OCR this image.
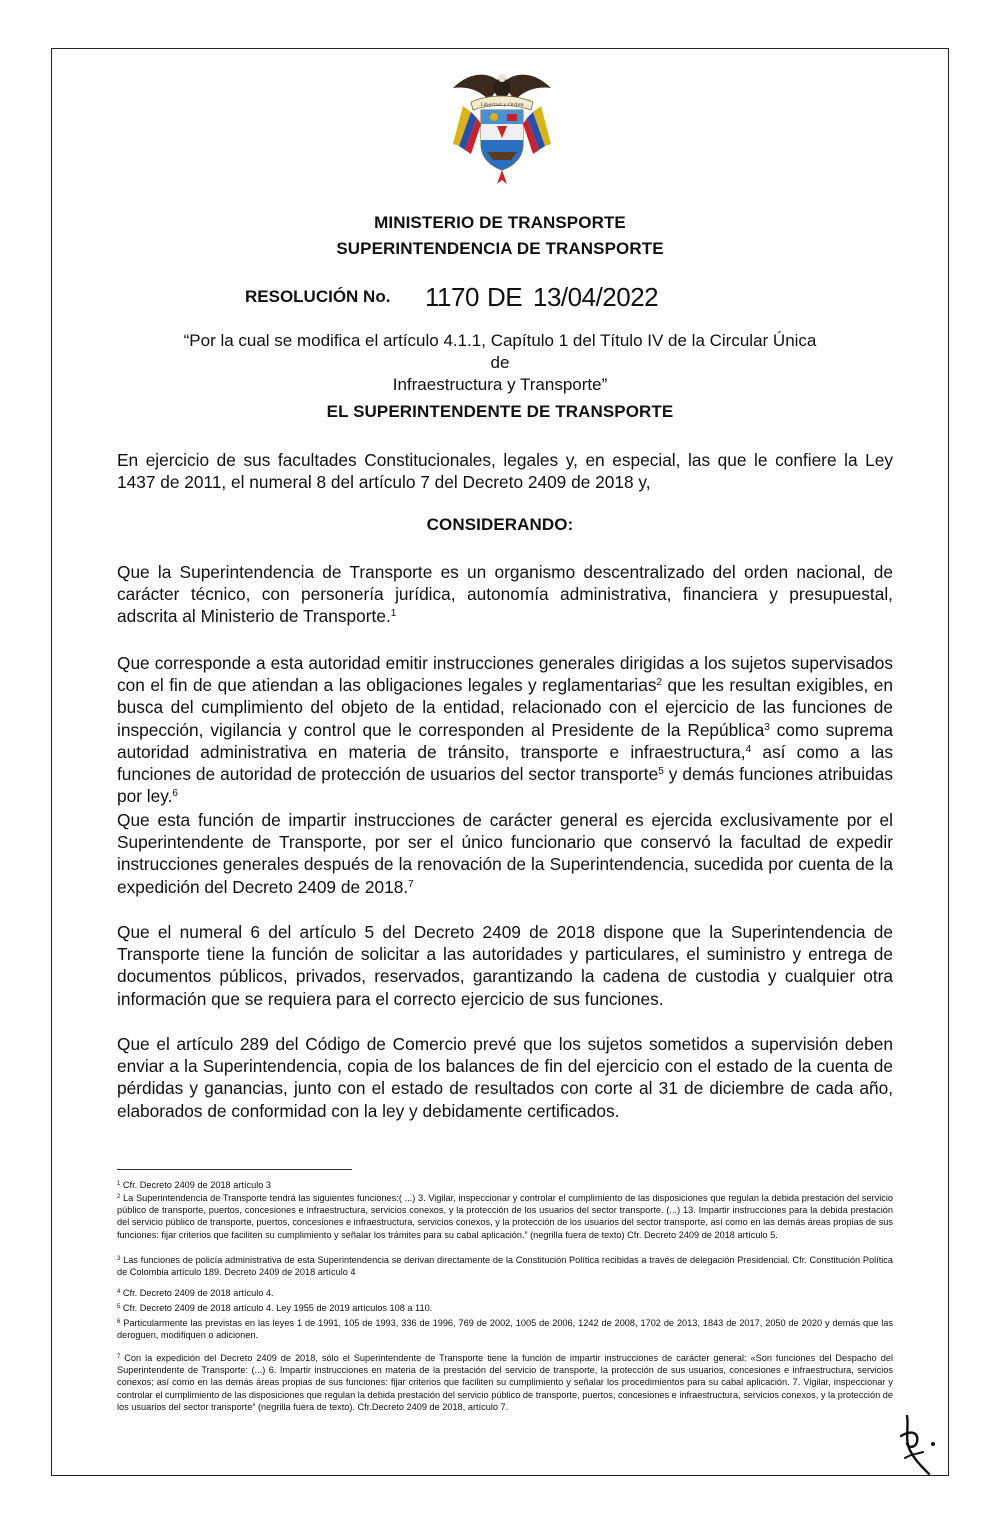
Libertad y Orden
MINISTERIO DE TRANSPORTE
SUPERINTENDENCIA DE TRANSPORTE
RESOLUCIÓN No. 1170 DE 13/04/2022
“Por la cual se modifica el artículo 4.1.1, Capítulo 1 del Título IV de la Circular Única de
Infraestructura y Transporte”
EL SUPERINTENDENTE DE TRANSPORTE
En ejercicio de sus facultades Constitucionales, legales y, en especial, las que le confiere la Ley 1437 de 2011, el numeral 8 del artículo 7 del Decreto 2409 de 2018 y,
CONSIDERANDO:
Que la Superintendencia de Transporte es un organismo descentralizado del orden nacional, de carácter técnico, con personería jurídica, autonomía administrativa, financiera y presupuestal, adscrita al Ministerio de Transporte.$^1$
Que corresponde a esta autoridad emitir instrucciones generales dirigidas a los sujetos supervisados con el fin de que atiendan a las obligaciones legales y reglamentarias$^2$ que les resultan exigibles, en busca del cumplimiento del objeto de la entidad, relacionado con el ejercicio de las funciones de inspección, vigilancia y control que le corresponden al Presidente de la República$^3$ como suprema autoridad administrativa en materia de tránsito, transporte e infraestructura,$^4$ así como a las funciones de autoridad de protección de usuarios del sector transporte$^5$ y demás funciones atribuidas por ley.$^6$
Que esta función de impartir instrucciones de carácter general es ejercida exclusivamente por el Superintendente de Transporte, por ser el único funcionario que conservó la facultad de expedir instrucciones generales después de la renovación de la Superintendencia, sucedida por cuenta de la expedición del Decreto 2409 de 2018.$^7$
Que el numeral 6 del artículo 5 del Decreto 2409 de 2018 dispone que la Superintendencia de Transporte tiene la función de solicitar a las autoridades y particulares, el suministro y entrega de documentos públicos, privados, reservados, garantizando la cadena de custodia y cualquier otra información que se requiera para el correcto ejercicio de sus funciones.
Que el artículo 289 del Código de Comercio prevé que los sujetos sometidos a supervisión deben enviar a la Superintendencia, copia de los balances de fin del ejercicio con el estado de la cuenta de pérdidas y ganancias, junto con el estado de resultados con corte al 31 de diciembre de cada año, elaborados de conformidad con la ley y debidamente certificados.
$^1$ Cfr. Decreto 2409 de 2018 artículo 3
$^2$ La Superintendencia de Transporte tendrá las siguientes funciones:( ...) 3. Vigilar, inspeccionar y controlar el cumplimiento de las disposiciones que regulan la debida prestación del servicio público de transporte, puertos, concesiones e infraestructura, servicios conexos, y la protección de los usuarios del sector transporte. (...) 13. Impartir instrucciones para la debida prestación del servicio público de transporte, puertos, concesiones e infraestructura, servicios conexos, y la protección de los usuarios del sector transporte, así como en las demás áreas propias de sus funciones: fijar criterios que faciliten su cumplimiento y señalar los trámites para su cabal aplicación.” (negrilla fuera de texto) Cfr. Decreto 2409 de 2018 artículo 5.
$^3$ Las funciones de policía administrativa de esta Superintendencia se derivan directamente de la Constitución Política recibidas a través de delegación Presidencial. Cfr. Constitución Política de Colombia artículo 189. Decreto 2409 de 2018 artículo 4
$^4$ Cfr. Decreto 2409 de 2018 artículo 4.
$^5$ Cfr. Decreto 2409 de 2018 artículo 4. Ley 1955 de 2019 artículos 108 a 110.
$^6$ Particularmente las previstas en las leyes 1 de 1991, 105 de 1993, 336 de 1996, 769 de 2002, 1005 de 2006, 1242 de 2008, 1702 de 2013, 1843 de 2017, 2050 de 2020 y demás que las deroguen, modifiquen o adicionen.
$^7$ Con la expedición del Decreto 2409 de 2018, sólo el Superintendente de Transporte tiene la función de impartir instrucciones de carácter general: «Son funciones del Despacho del Superintendente de Transporte: (...) 6. Impartir instrucciones en materia de la prestación del servicio de transporte, la protección de sus usuarios, concesiones e infraestructura, servicios conexos; así como en las demás áreas propias de sus funciones: fijar criterios que faciliten su cumplimiento y señalar los procedimientos para su cabal aplicación. 7. Vigilar, inspeccionar y controlar el cumplimiento de las disposiciones que regulan la debida prestación del servicio público de transporte, puertos, concesiones e infraestructura, servicios conexos, y la protección de los usuarios del sector transporte” (negrilla fuera de texto). Cfr.Decreto 2409 de 2018, artículo 7.
